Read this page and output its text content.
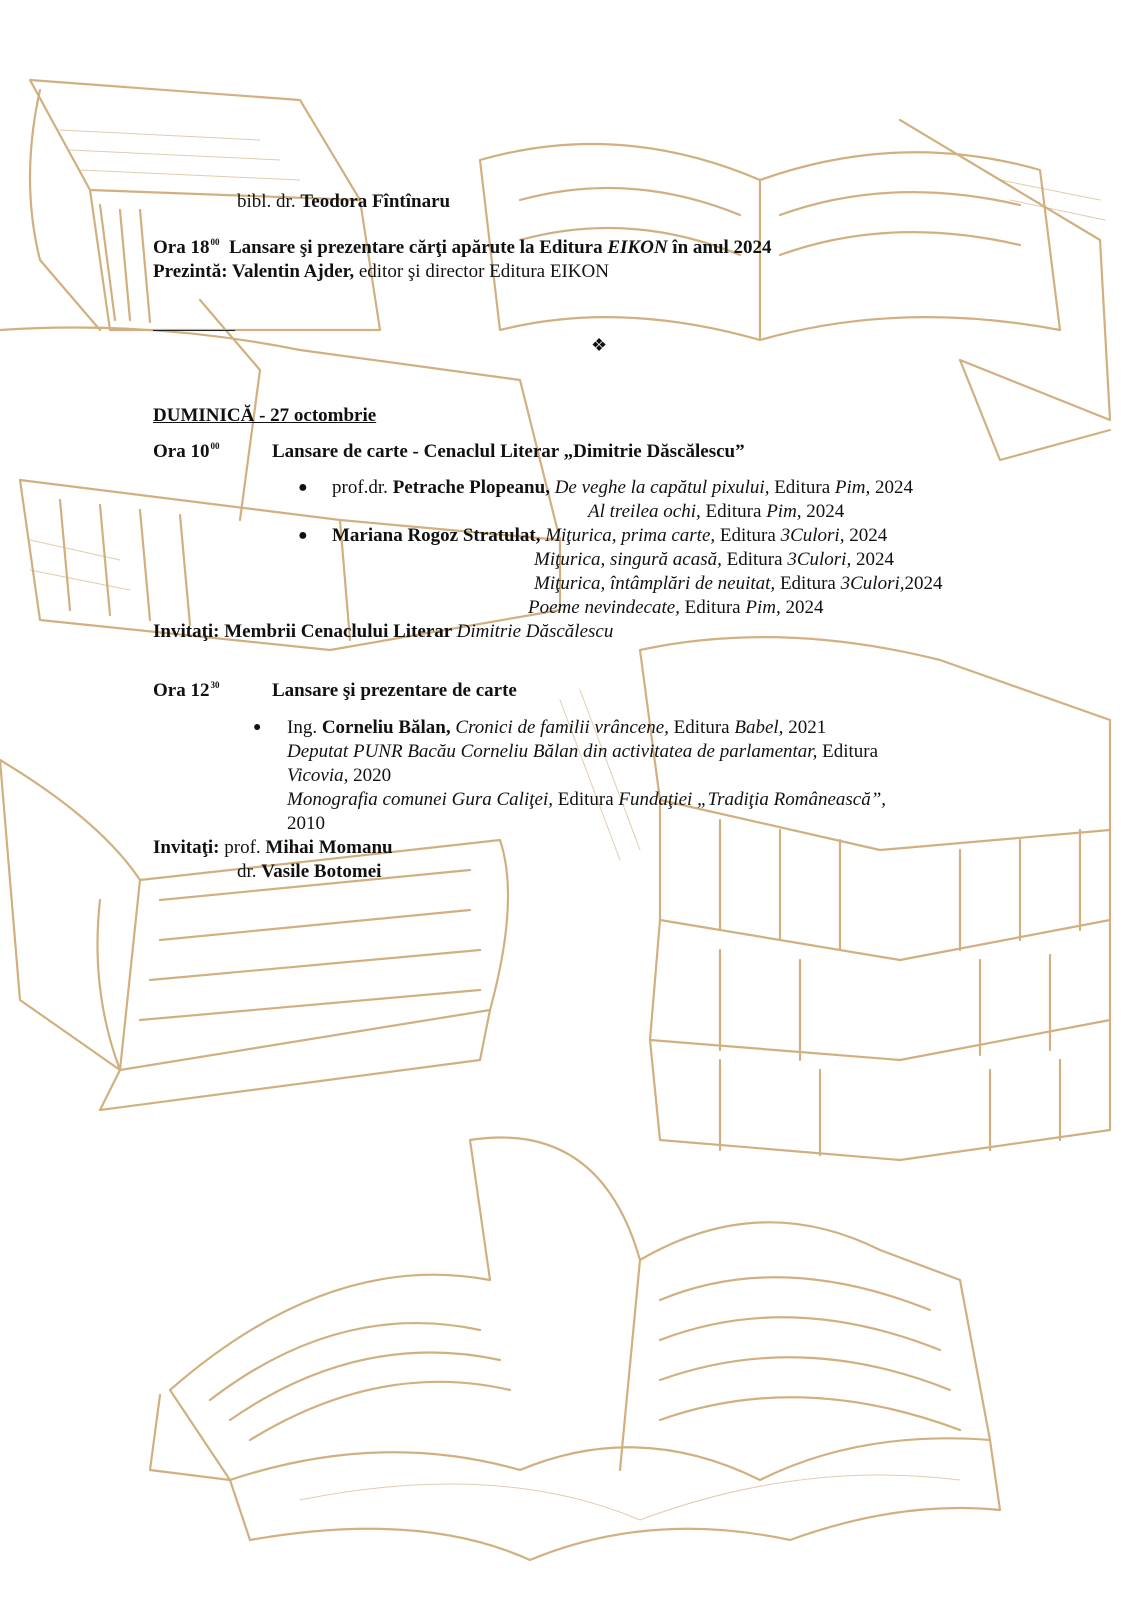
bibl. dr. Teodora Fîntînaru
Ora $18^{00}$ Lansare şi prezentare cărţi apărute la Editura EIKON în anul 2024
Prezintă: Valentin Ajder, editor şi director Editura EIKON
❖
DUMINICĂ - 27 octombrie
Ora $10^{00}$	Lansare de carte - Cenaclul Literar „Dimitrie Dăscălescu”
● prof.dr. Petrache Plopeanu, De veghe la capătul pixului, Editura Pim, 2024
Al treilea ochi, Editura Pim, 2024
● Mariana Rogoz Stratulat, Miţurica, prima carte, Editura 3Culori, 2024
Miţurica, singură acasă, Editura 3Culori, 2024
Miţurica, întâmplări de neuitat, Editura 3Culori,2024
Poeme nevindecate, Editura Pim, 2024
Invitaţi: Membrii Cenaclului Literar Dimitrie Dăscălescu
Ora $12^{30}$	Lansare şi prezentare de carte
● Ing. Corneliu Bălan, Cronici de familii vrâncene, Editura Babel, 2021
Deputat PUNR Bacău Corneliu Bălan din activitatea de parlamentar, Editura
Vicovia, 2020
Monografia comunei Gura Caliţei, Editura Fundaţiei „Tradiţia Românească”,
2010
Invitaţi: prof. Mihai Momanu
dr. Vasile Botomei
